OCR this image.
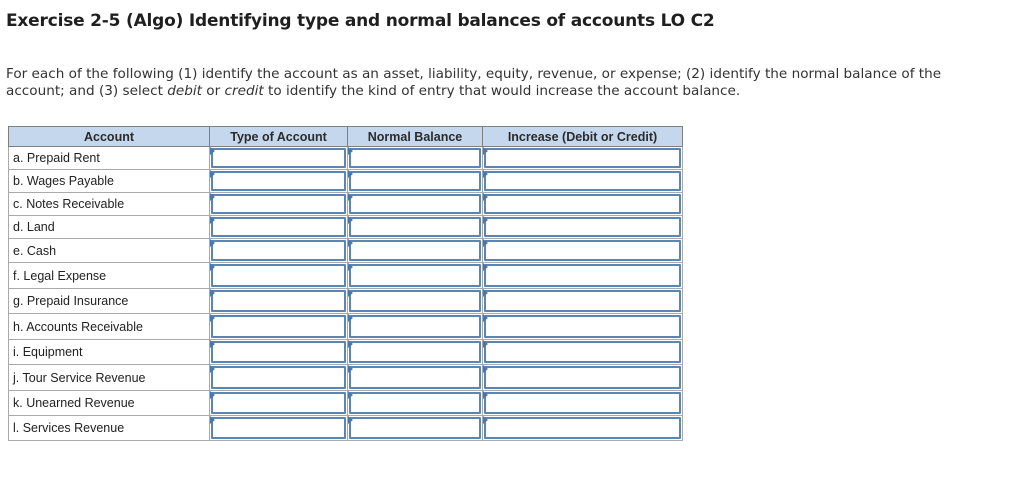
Exercise 2-5 (Algo) Identifying type and normal balances of accounts LO C2
For each of the following (1) identify the account as an asset, liability, equity, revenue, or expense; (2) identify the normal balance of the account; and (3) select debit or credit to identify the kind of entry that would increase the account balance.
Account	Type of Account	Normal Balance	Increase (Debit or Credit)
a. Prepaid Rent	

b. Wages Payable	

c. Notes Receivable	

d. Land	

e. Cash	

f. Legal Expense	

g. Prepaid Insurance	

h. Accounts Receivable	

i. Equipment	

j. Tour Service Revenue	

k. Unearned Revenue	

l. Services Revenue	
